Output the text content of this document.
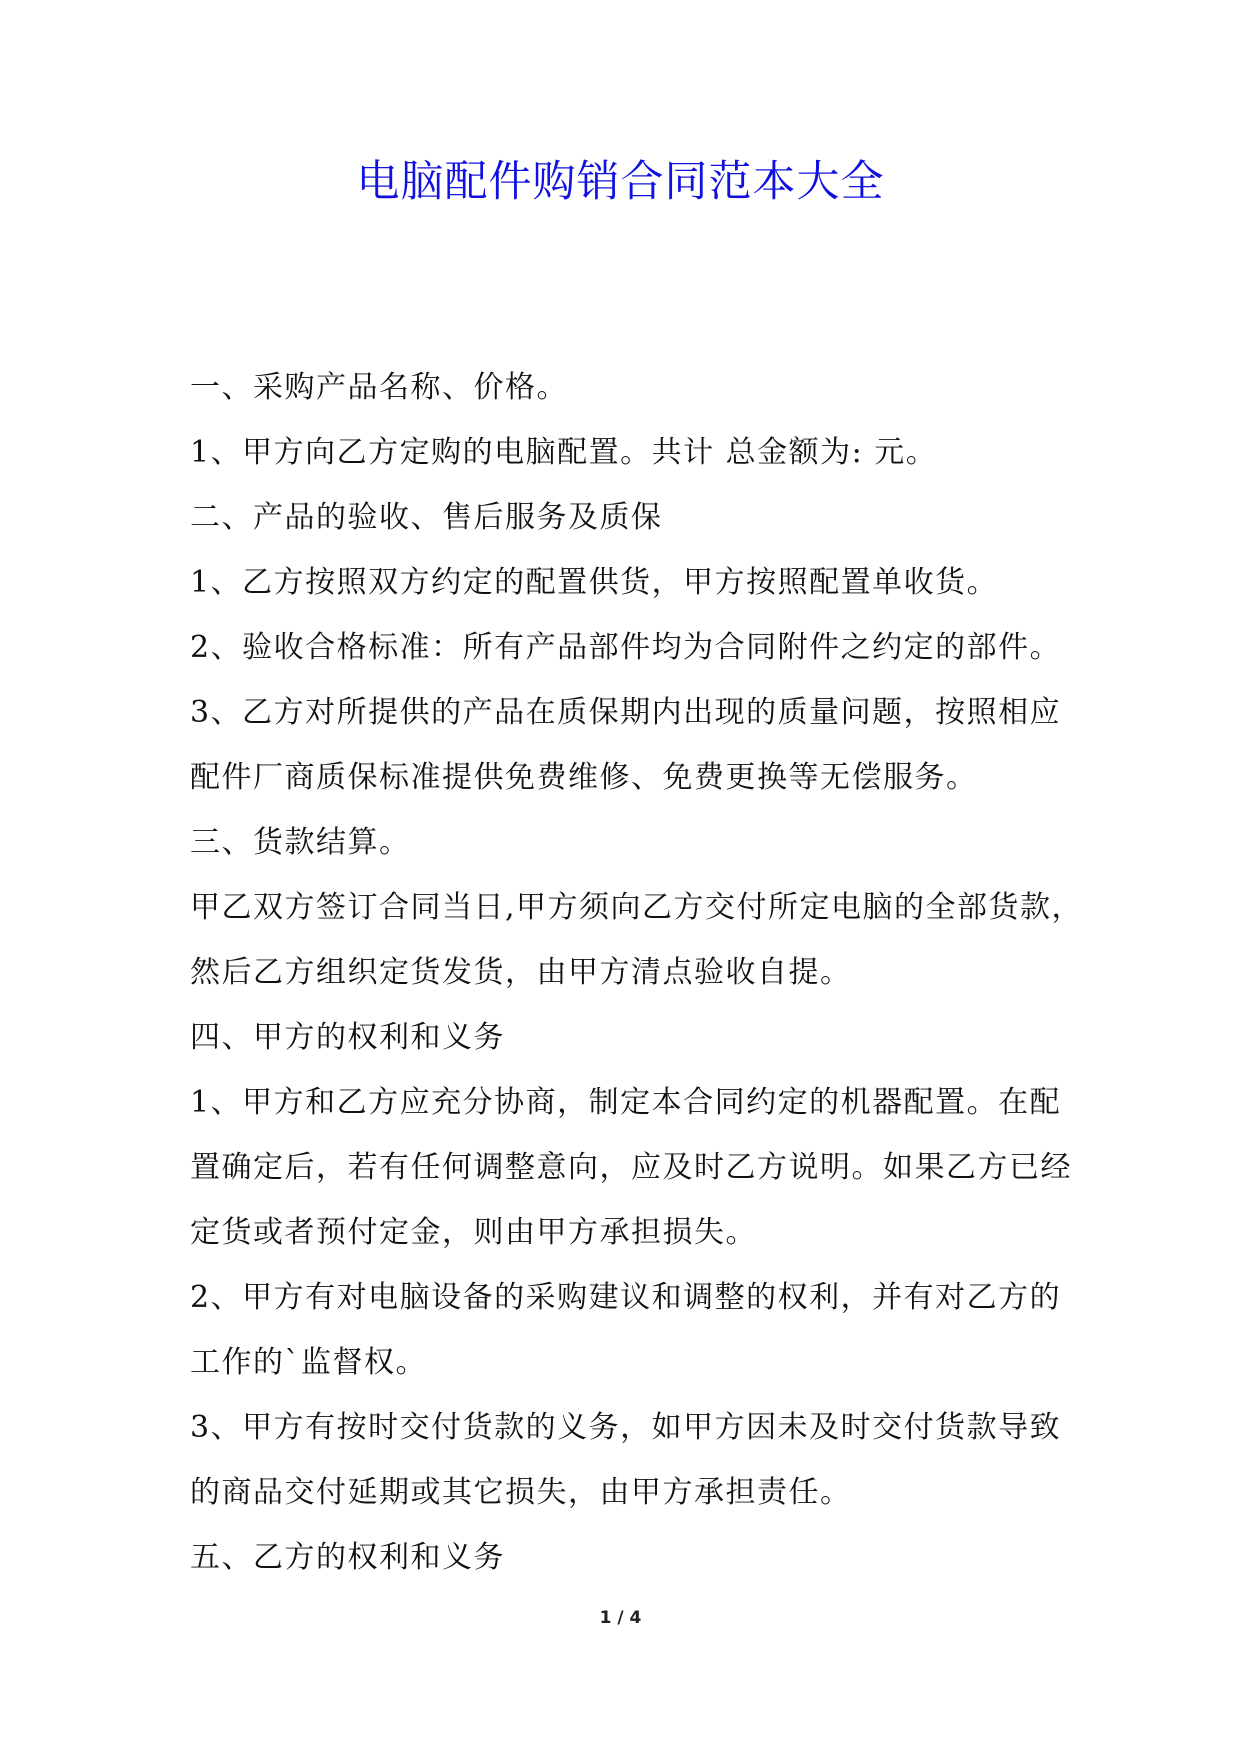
电脑配件购销合同范本大全
一、采购产品名称、价格。
1、甲方向乙方定购的电脑配置。共计 总金额为: 元。
二、产品的验收、售后服务及质保
1、乙方按照双方约定的配置供货，甲方按照配置单收货。
2、验收合格标准：所有产品部件均为合同附件之约定的部件。
3、乙方对所提供的产品在质保期内出现的质量问题，按照相应
配件厂商质保标准提供免费维修、免费更换等无偿服务。
三、货款结算。
甲乙双方签订合同当日,甲方须向乙方交付所定电脑的全部货款，
然后乙方组织定货发货，由甲方清点验收自提。
四、甲方的权利和义务
1、甲方和乙方应充分协商，制定本合同约定的机器配置。在配
置确定后，若有任何调整意向，应及时乙方说明。如果乙方已经
定货或者预付定金，则由甲方承担损失。
2、甲方有对电脑设备的采购建议和调整的权利，并有对乙方的
工作的`监督权。
3、甲方有按时交付货款的义务，如甲方因未及时交付货款导致
的商品交付延期或其它损失，由甲方承担责任。
五、乙方的权利和义务
1 / 4
